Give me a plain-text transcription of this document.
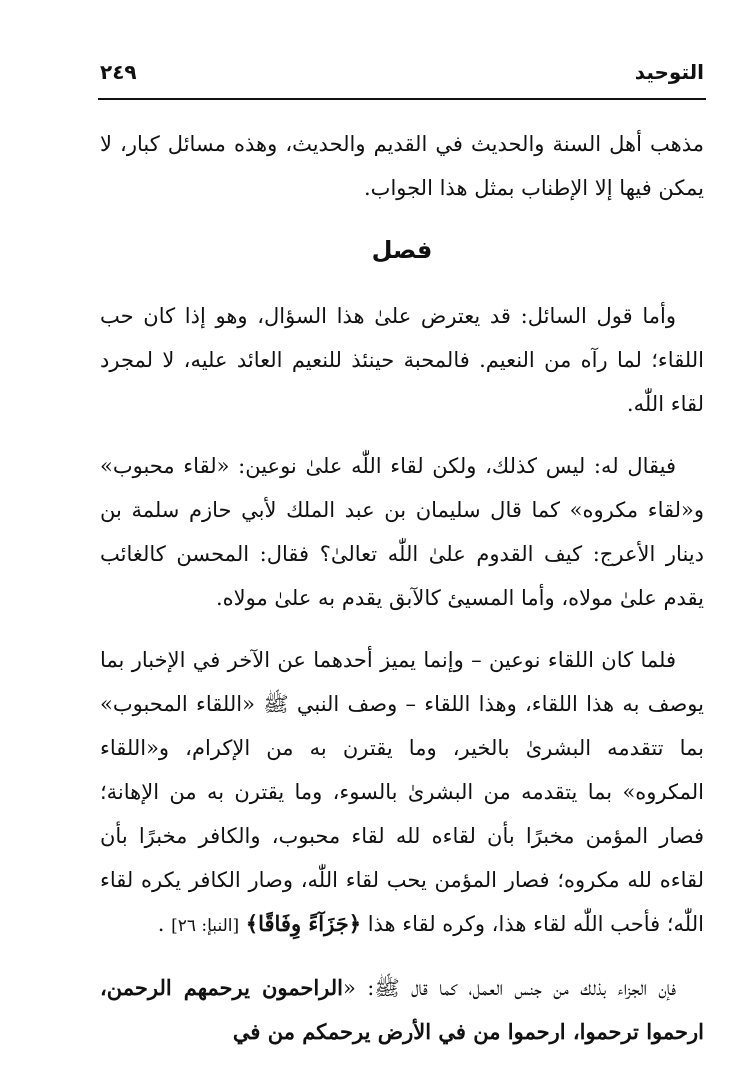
التوحيد
٢٤٩

مذهب أهل السنة والحديث في القديم والحديث، وهذه مسائل كبار، لا يمكن فيها إلا الإطناب بمثل هذا الجواب.

فصل

وأما قول السائل: قد يعترض علىٰ هذا السؤال، وهو إذا كان حب اللقاء؛ لما رآه من النعيم. فالمحبة حينئذ للنعيم العائد عليه، لا لمجرد لقاء اللّٰه.

فيقال له: ليس كذلك، ولكن لقاء اللّٰه علىٰ نوعين: «لقاء محبوب» و«لقاء مكروه» كما قال سليمان بن عبد الملك لأبي حازم سلمة بن دينار الأعرج: كيف القدوم علىٰ اللّٰه تعالىٰ؟ فقال: المحسن كالغائب يقدم علىٰ مولاه، وأما المسيئ كالآبق يقدم به علىٰ مولاه.

فلما كان اللقاء نوعين – وإنما يميز أحدهما عن الآخر في الإخبار بما يوصف به هذا اللقاء، وهذا اللقاء – وصف النبي ﷺ «اللقاء المحبوب» بما تتقدمه البشرىٰ بالخير، وما يقترن به من الإكرام، و«اللقاء المكروه» بما يتقدمه من البشرىٰ بالسوء، وما يقترن به من الإهانة؛ فصار المؤمن مخبرًا بأن لقاءه لله لقاء محبوب، والكافر مخبرًا بأن لقاءه لله مكروه؛ فصار المؤمن يحب لقاء اللّٰه، وصار الكافر يكره لقاء اللّٰه؛ فأحب اللّٰه لقاء هذا، وكره لقاء هذا ﴿جَزَآءً وِفَاقًا﴾ [النبإ: ٢٦] .

فإن الجزاء بذلك من جنس العمل، كما قال ﷺ: «الراحمون يرحمهم الرحمن، ارحموا ترحموا، ارحموا من في الأرض يرحمكم من في
